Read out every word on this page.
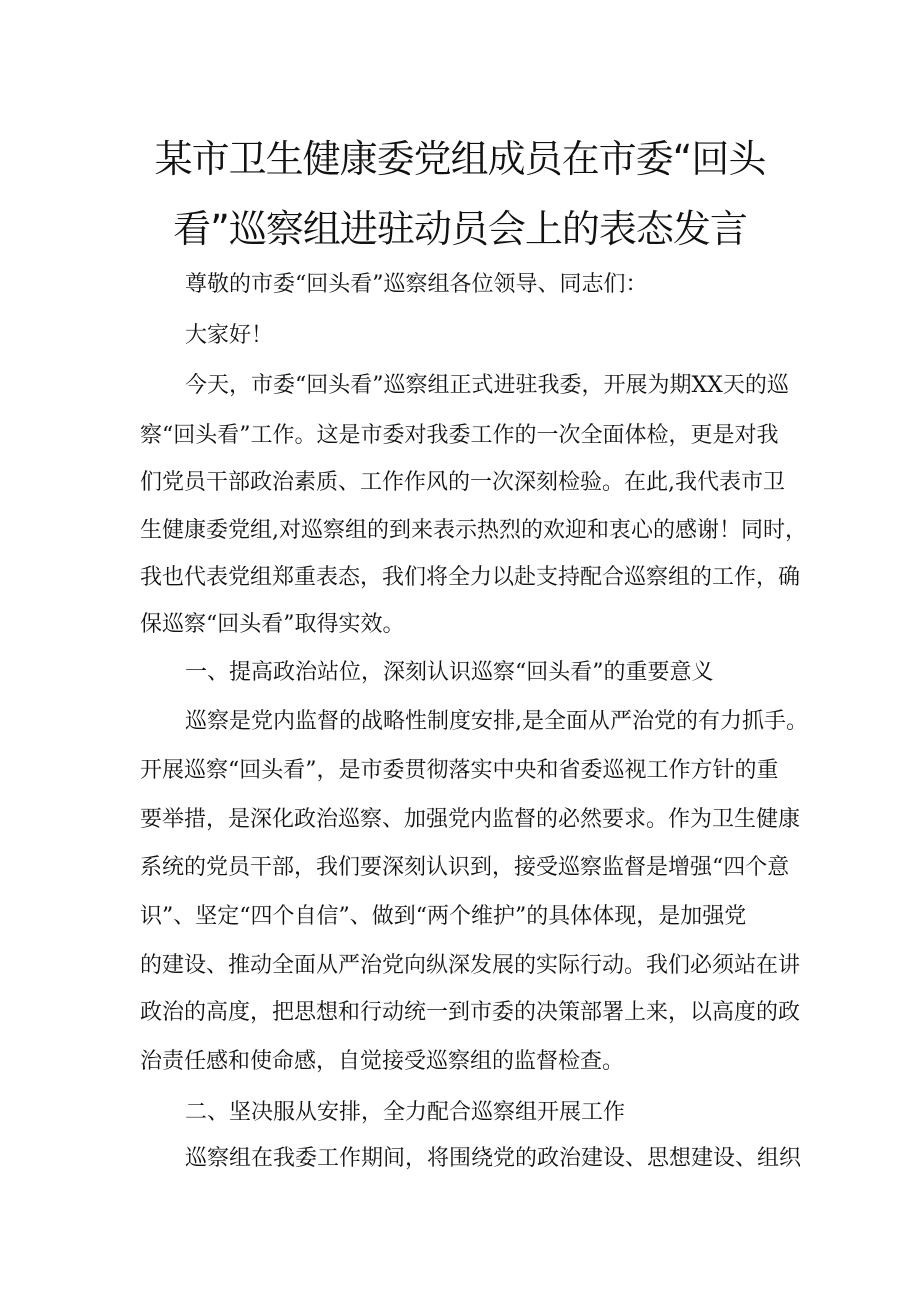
某市卫生健康委党组成员在市委“回头
看”巡察组进驻动员会上的表态发言
尊敬的市委“回头看”巡察组各位领导、同志们：
大家好！
今天，市委“回头看”巡察组正式进驻我委，开展为期XX天的巡
察“回头看”工作。这是市委对我委工作的一次全面体检，更是对我
们党员干部政治素质、工作作风的一次深刻检验。在此,我代表市卫
生健康委党组,对巡察组的到来表示热烈的欢迎和衷心的感谢！同时，
我也代表党组郑重表态，我们将全力以赴支持配合巡察组的工作，确
保巡察“回头看”取得实效。
一、提高政治站位，深刻认识巡察“回头看”的重要意义
巡察是党内监督的战略性制度安排,是全面从严治党的有力抓手。
开展巡察“回头看”，是市委贯彻落实中央和省委巡视工作方针的重
要举措，是深化政治巡察、加强党内监督的必然要求。作为卫生健康
系统的党员干部，我们要深刻认识到，接受巡察监督是增强“四个意
识”、坚定“四个自信”、做到“两个维护”的具体体现，是加强党
的建设、推动全面从严治党向纵深发展的实际行动。我们必须站在讲
政治的高度，把思想和行动统一到市委的决策部署上来，以高度的政
治责任感和使命感，自觉接受巡察组的监督检查。
二、坚决服从安排，全力配合巡察组开展工作
巡察组在我委工作期间，将围绕党的政治建设、思想建设、组织
